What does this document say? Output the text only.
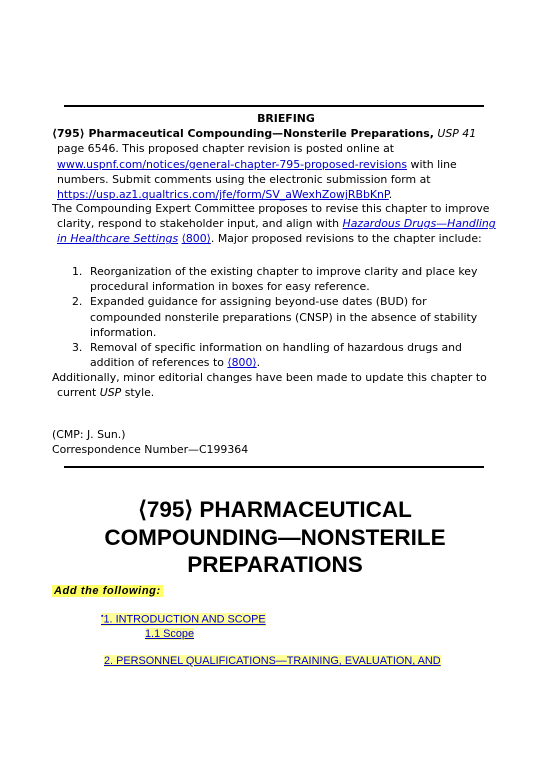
BRIEFING
⟨795⟩ Pharmaceutical Compounding—Nonsterile Preparations, USP 41 page 6546. This proposed chapter revision is posted online at www.uspnf.com/notices/general-chapter-795-proposed-revisions with line numbers. Submit comments using the electronic submission form at https://usp.az1.qualtrics.com/jfe/form/SV_aWexhZowjRBbKnP.
The Compounding Expert Committee proposes to revise this chapter to improve clarity, respond to stakeholder input, and align with Hazardous Drugs—Handling in Healthcare Settings ⟨800⟩. Major proposed revisions to the chapter include:
1. Reorganization of the existing chapter to improve clarity and place key procedural information in boxes for easy reference.
2. Expanded guidance for assigning beyond-use dates (BUD) for compounded nonsterile preparations (CNSP) in the absence of stability information.
3. Removal of specific information on handling of hazardous drugs and addition of references to ⟨800⟩.
Additionally, minor editorial changes have been made to update this chapter to current USP style.
(CMP: J. Sun.)
Correspondence Number—C199364
⟨795⟩ PHARMACEUTICAL
COMPOUNDING—NONSTERILE
PREPARATIONS
Add the following:
▪1. INTRODUCTION AND SCOPE
1.1 Scope
2. PERSONNEL QUALIFICATIONS—TRAINING, EVALUATION, AND
